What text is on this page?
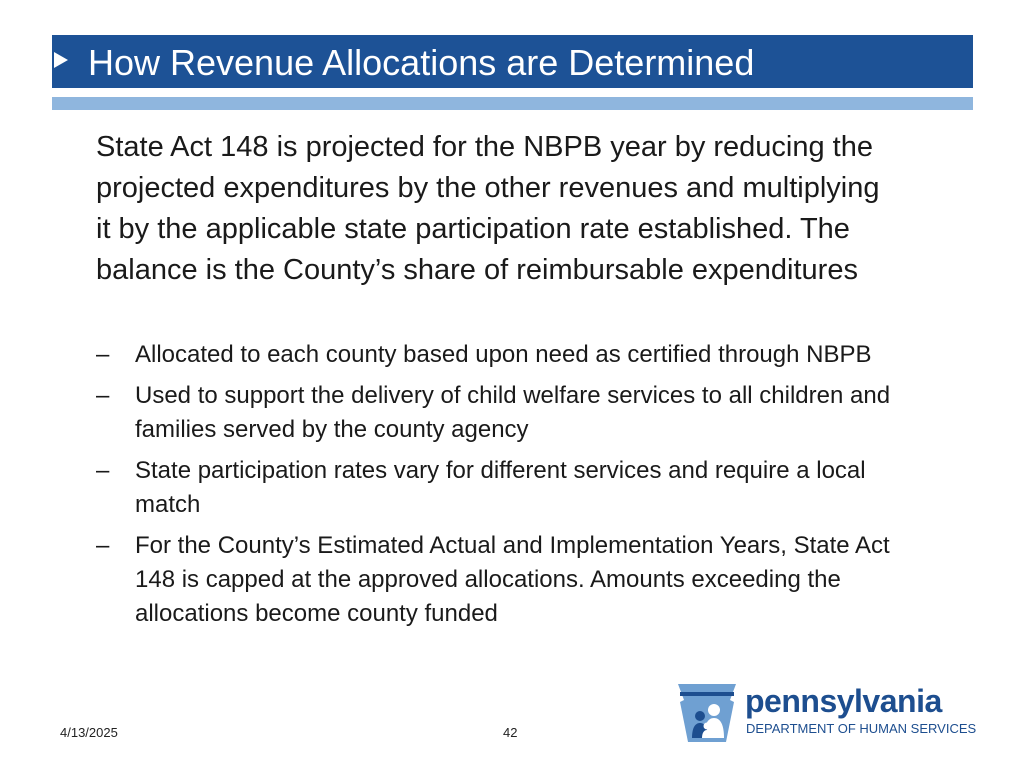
How Revenue Allocations are Determined

State Act 148 is projected for the NBPB year by reducing the projected expenditures by the other revenues and multiplying it by the applicable state participation rate established. The balance is the County’s share of reimbursable expenditures

– Allocated to each county based upon need as certified through NBPB
– Used to support the delivery of child welfare services to all children and families served by the county agency
– State participation rates vary for different services and require a local match
– For the County’s Estimated Actual and Implementation Years, State Act 148 is capped at the approved allocations. Amounts exceeding the allocations become county funded
4/13/2025	42
pennsylvania
DEPARTMENT OF HUMAN SERVICES
